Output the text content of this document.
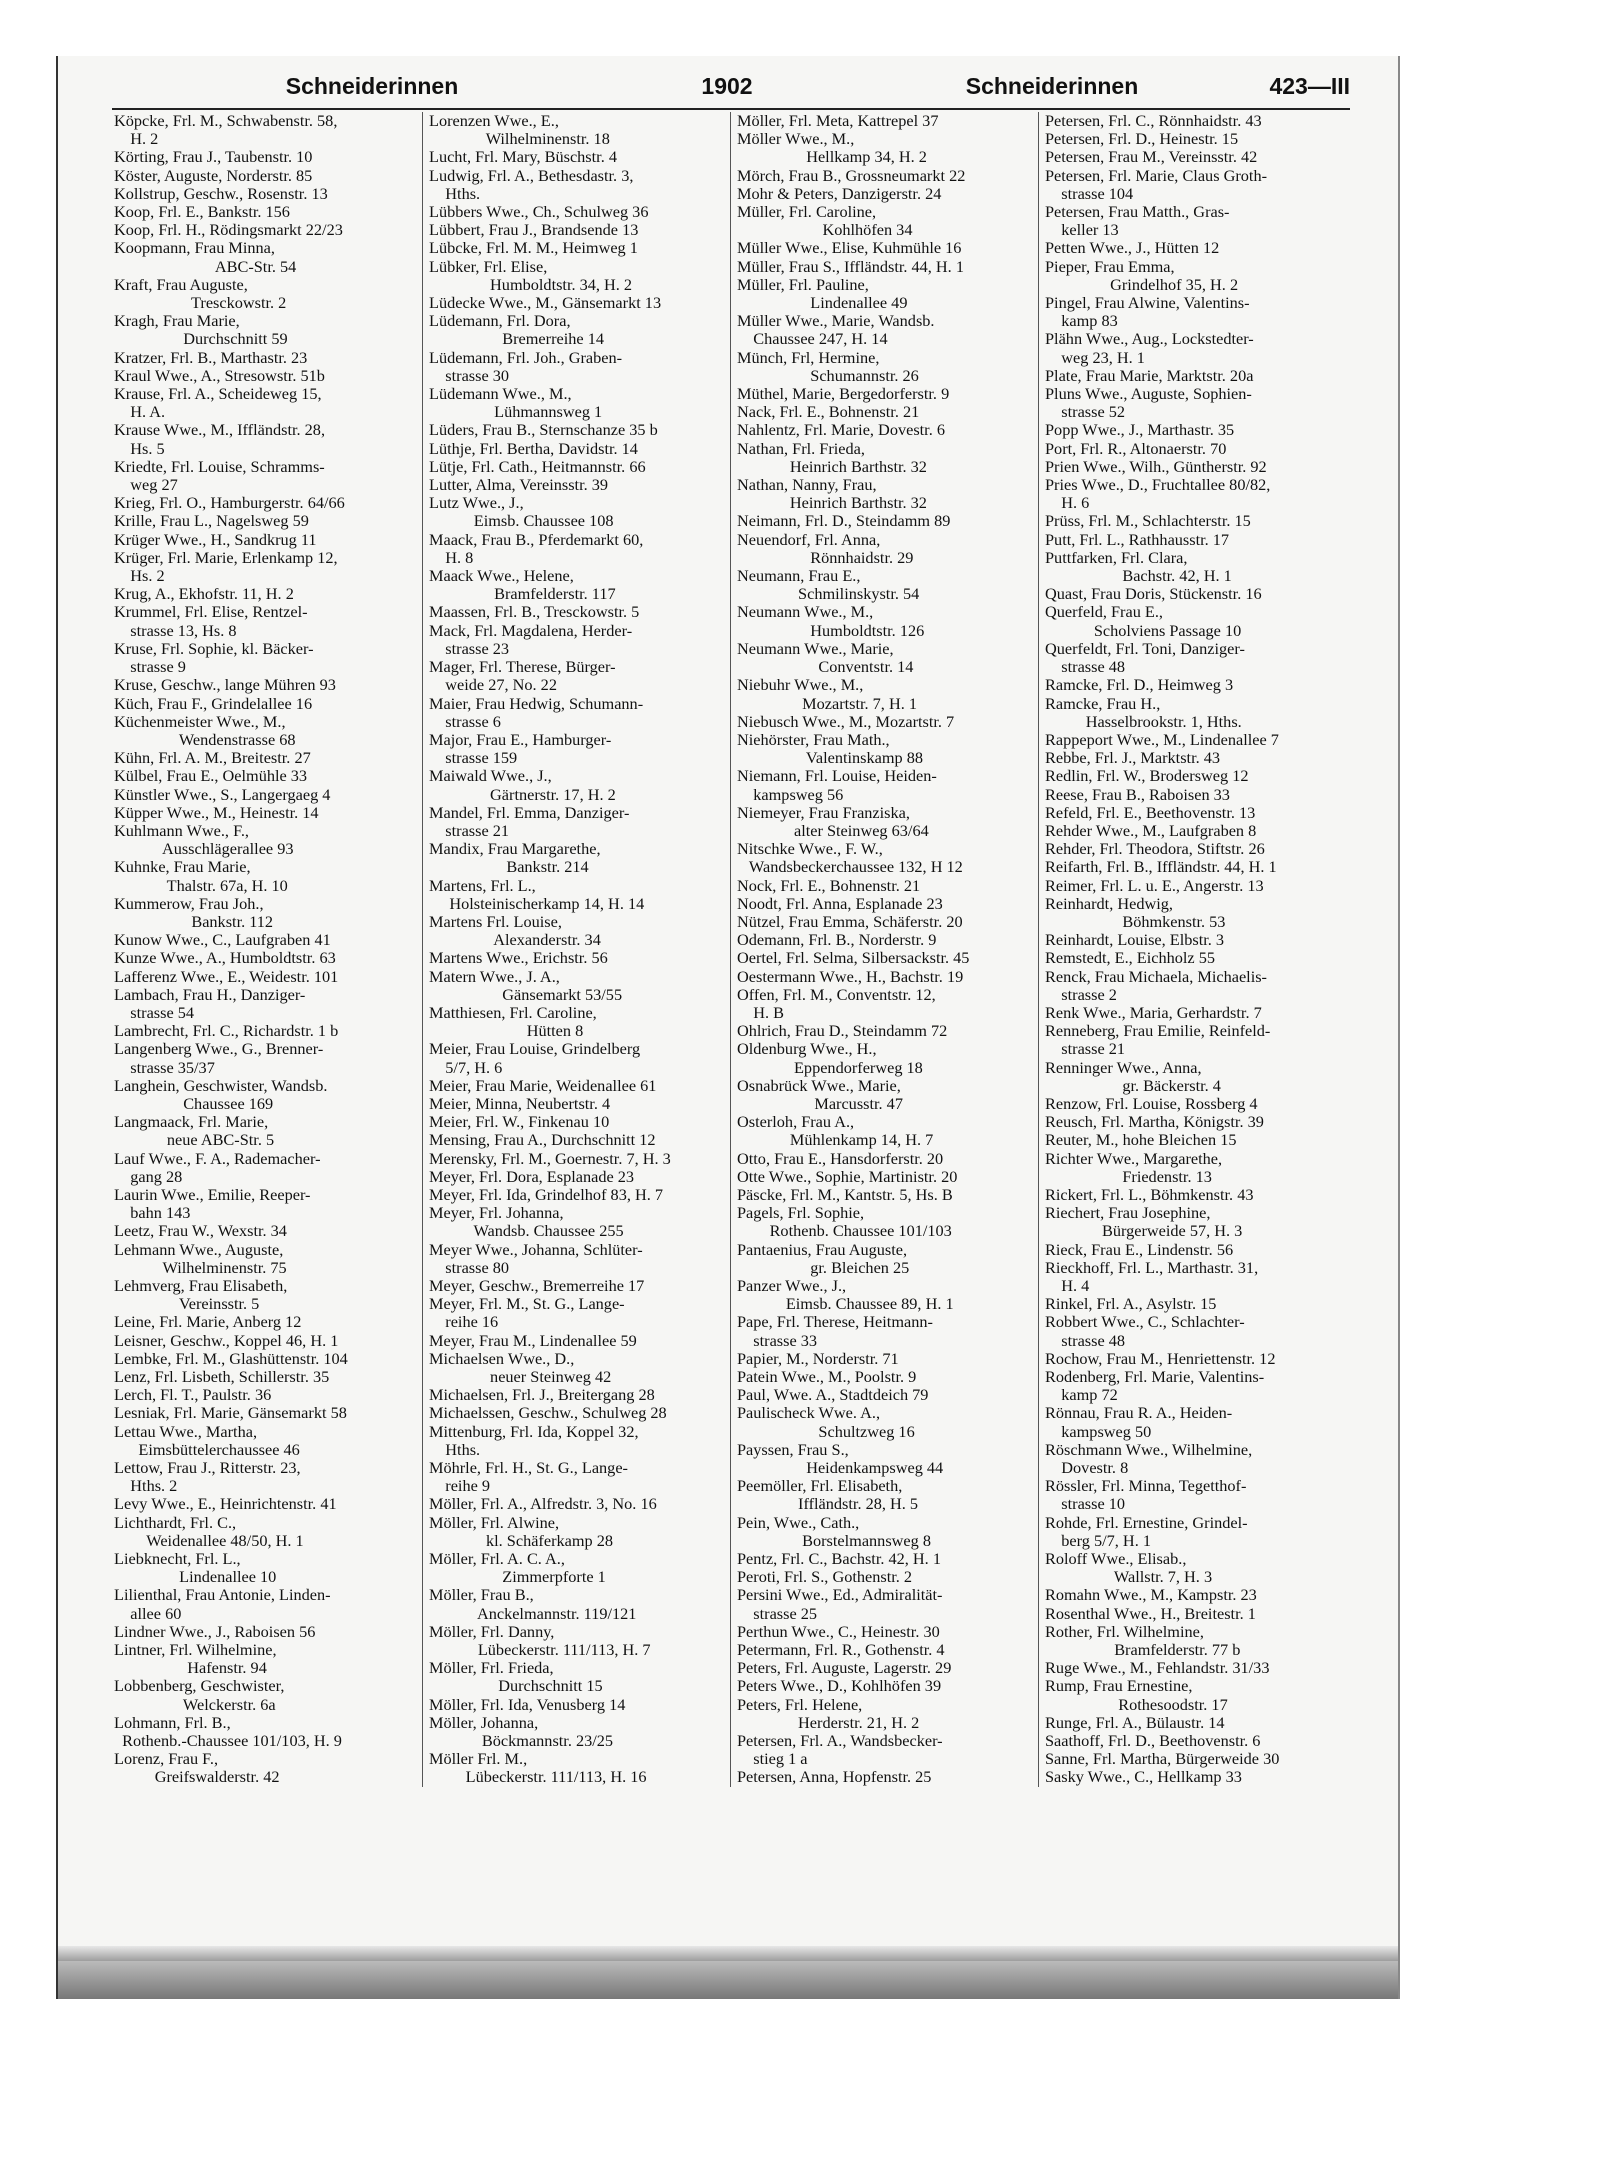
Schneiderinnen	1902	Schneiderinnen	423—III
Köpcke, Frl. M., Schwabenstr. 58,
H. 2
Körting, Frau J., Taubenstr. 10
Köster, Auguste, Norderstr. 85
Kollstrup, Geschw., Rosenstr. 13
Koop, Frl. E., Bankstr. 156
Koop, Frl. H., Rödingsmarkt 22/23
Koopmann, Frau Minna,
ABC-Str. 54
Kraft, Frau Auguste,
Tresckowstr. 2
Kragh, Frau Marie,
Durchschnitt 59
Kratzer, Frl. B., Marthastr. 23
Kraul Wwe., A., Stresowstr. 51b
Krause, Frl. A., Scheideweg 15,
H. A.
Krause Wwe., M., Iffländstr. 28,
Hs. 5
Kriedte, Frl. Louise, Schramms-
weg 27
Krieg, Frl. O., Hamburgerstr. 64/66
Krille, Frau L., Nagelsweg 59
Krüger Wwe., H., Sandkrug 11
Krüger, Frl. Marie, Erlenkamp 12,
Hs. 2
Krug, A., Ekhofstr. 11, H. 2
Krummel, Frl. Elise, Rentzel-
strasse 13, Hs. 8
Kruse, Frl. Sophie, kl. Bäcker-
strasse 9
Kruse, Geschw., lange Mühren 93
Küch, Frau F., Grindelallee 16
Küchenmeister Wwe., M.,
Wendenstrasse 68
Kühn, Frl. A. M., Breitestr. 27
Külbel, Frau E., Oelmühle 33
Künstler Wwe., S., Langergaeg 4
Küpper Wwe., M., Heinestr. 14
Kuhlmann Wwe., F.,
Ausschlägerallee 93
Kuhnke, Frau Marie,
Thalstr. 67a, H. 10
Kummerow, Frau Joh.,
Bankstr. 112
Kunow Wwe., C., Laufgraben 41
Kunze Wwe., A., Humboldtstr. 63
Lafferenz Wwe., E., Weidestr. 101
Lambach, Frau H., Danziger-
strasse 54
Lambrecht, Frl. C., Richardstr. 1 b
Langenberg Wwe., G., Brenner-
strasse 35/37
Langhein, Geschwister, Wandsb.
Chaussee 169
Langmaack, Frl. Marie,
neue ABC-Str. 5
Lauf Wwe., F. A., Rademacher-
gang 28
Laurin Wwe., Emilie, Reeper-
bahn 143
Leetz, Frau W., Wexstr. 34
Lehmann Wwe., Auguste,
Wilhelminenstr. 75
Lehmverg, Frau Elisabeth,
Vereinsstr. 5
Leine, Frl. Marie, Anberg 12
Leisner, Geschw., Koppel 46, H. 1
Lembke, Frl. M., Glashüttenstr. 104
Lenz, Frl. Lisbeth, Schillerstr. 35
Lerch, Fl. T., Paulstr. 36
Lesniak, Frl. Marie, Gänsemarkt 58
Lettau Wwe., Martha,
Eimsbüttelerchaussee 46
Lettow, Frau J., Ritterstr. 23,
Hths. 2
Levy Wwe., E., Heinrichtenstr. 41
Lichthardt, Frl. C.,
Weidenallee 48/50, H. 1
Liebknecht, Frl. L.,
Lindenallee 10
Lilienthal, Frau Antonie, Linden-
allee 60
Lindner Wwe., J., Raboisen 56
Lintner, Frl. Wilhelmine,
Hafenstr. 94
Lobbenberg, Geschwister,
Welckerstr. 6a
Lohmann, Frl. B.,
Rothenb.-Chaussee 101/103, H. 9
Lorenz, Frau F.,
Greifswalderstr. 42
Lorenzen Wwe., E.,
Wilhelminenstr. 18
Lucht, Frl. Mary, Büschstr. 4
Ludwig, Frl. A., Bethesdastr. 3,
Hths.
Lübbers Wwe., Ch., Schulweg 36
Lübbert, Frau J., Brandsende 13
Lübcke, Frl. M. M., Heimweg 1
Lübker, Frl. Elise,
Humboldtstr. 34, H. 2
Lüdecke Wwe., M., Gänsemarkt 13
Lüdemann, Frl. Dora,
Bremerreihe 14
Lüdemann, Frl. Joh., Graben-
strasse 30
Lüdemann Wwe., M.,
Lühmannsweg 1
Lüders, Frau B., Sternschanze 35 b
Lüthje, Frl. Bertha, Davidstr. 14
Lütje, Frl. Cath., Heitmannstr. 66
Lutter, Alma, Vereinsstr. 39
Lutz Wwe., J.,
Eimsb. Chaussee 108
Maack, Frau B., Pferdemarkt 60,
H. 8
Maack Wwe., Helene,
Bramfelderstr. 117
Maassen, Frl. B., Tresckowstr. 5
Mack, Frl. Magdalena, Herder-
strasse 23
Mager, Frl. Therese, Bürger-
weide 27, No. 22
Maier, Frau Hedwig, Schumann-
strasse 6
Major, Frau E., Hamburger-
strasse 159
Maiwald Wwe., J.,
Gärtnerstr. 17, H. 2
Mandel, Frl. Emma, Danziger-
strasse 21
Mandix, Frau Margarethe,
Bankstr. 214
Martens, Frl. L.,
Holsteinischerkamp 14, H. 14
Martens Frl. Louise,
Alexanderstr. 34
Martens Wwe., Erichstr. 56
Matern Wwe., J. A.,
Gänsemarkt 53/55
Matthiesen, Frl. Caroline,
Hütten 8
Meier, Frau Louise, Grindelberg
5/7, H. 6
Meier, Frau Marie, Weidenallee 61
Meier, Minna, Neubertstr. 4
Meier, Frl. W., Finkenau 10
Mensing, Frau A., Durchschnitt 12
Merensky, Frl. M., Goernestr. 7, H. 3
Meyer, Frl. Dora, Esplanade 23
Meyer, Frl. Ida, Grindelhof 83, H. 7
Meyer, Frl. Johanna,
Wandsb. Chaussee 255
Meyer Wwe., Johanna, Schlüter-
strasse 80
Meyer, Geschw., Bremerreihe 17
Meyer, Frl. M., St. G., Lange-
reihe 16
Meyer, Frau M., Lindenallee 59
Michaelsen Wwe., D.,
neuer Steinweg 42
Michaelsen, Frl. J., Breitergang 28
Michaelssen, Geschw., Schulweg 28
Mittenburg, Frl. Ida, Koppel 32,
Hths.
Möhrle, Frl. H., St. G., Lange-
reihe 9
Möller, Frl. A., Alfredstr. 3, No. 16
Möller, Frl. Alwine,
kl. Schäferkamp 28
Möller, Frl. A. C. A.,
Zimmerpforte 1
Möller, Frau B.,
Anckelmannstr. 119/121
Möller, Frl. Danny,
Lübeckerstr. 111/113, H. 7
Möller, Frl. Frieda,
Durchschnitt 15
Möller, Frl. Ida, Venusberg 14
Möller, Johanna,
Böckmannstr. 23/25
Möller Frl. M.,
Lübeckerstr. 111/113, H. 16
Möller, Frl. Meta, Kattrepel 37
Möller Wwe., M.,
Hellkamp 34, H. 2
Mörch, Frau B., Grossneumarkt 22
Mohr & Peters, Danzigerstr. 24
Müller, Frl. Caroline,
Kohlhöfen 34
Müller Wwe., Elise, Kuhmühle 16
Müller, Frau S., Iffländstr. 44, H. 1
Müller, Frl. Pauline,
Lindenallee 49
Müller Wwe., Marie, Wandsb.
Chaussee 247, H. 14
Münch, Frl, Hermine,
Schumannstr. 26
Müthel, Marie, Bergedorferstr. 9
Nack, Frl. E., Bohnenstr. 21
Nahlentz, Frl. Marie, Dovestr. 6
Nathan, Frl. Frieda,
Heinrich Barthstr. 32
Nathan, Nanny, Frau,
Heinrich Barthstr. 32
Neimann, Frl. D., Steindamm 89
Neuendorf, Frl. Anna,
Rönnhaidstr. 29
Neumann, Frau E.,
Schmilinskystr. 54
Neumann Wwe., M.,
Humboldtstr. 126
Neumann Wwe., Marie,
Conventstr. 14
Niebuhr Wwe., M.,
Mozartstr. 7, H. 1
Niebusch Wwe., M., Mozartstr. 7
Niehörster, Frau Math.,
Valentinskamp 88
Niemann, Frl. Louise, Heiden-
kampsweg 56
Niemeyer, Frau Franziska,
alter Steinweg 63/64
Nitschke Wwe., F. W.,
Wandsbeckerchaussee 132, H 12
Nock, Frl. E., Bohnenstr. 21
Noodt, Frl. Anna, Esplanade 23
Nützel, Frau Emma, Schäferstr. 20
Odemann, Frl. B., Norderstr. 9
Oertel, Frl. Selma, Silbersackstr. 45
Oestermann Wwe., H., Bachstr. 19
Offen, Frl. M., Conventstr. 12,
H. B
Ohlrich, Frau D., Steindamm 72
Oldenburg Wwe., H.,
Eppendorferweg 18
Osnabrück Wwe., Marie,
Marcusstr. 47
Osterloh, Frau A.,
Mühlenkamp 14, H. 7
Otto, Frau E., Hansdorferstr. 20
Otte Wwe., Sophie, Martinistr. 20
Päscke, Frl. M., Kantstr. 5, Hs. B
Pagels, Frl. Sophie,
Rothenb. Chaussee 101/103
Pantaenius, Frau Auguste,
gr. Bleichen 25
Panzer Wwe., J.,
Eimsb. Chaussee 89, H. 1
Pape, Frl. Therese, Heitmann-
strasse 33
Papier, M., Norderstr. 71
Patein Wwe., M., Poolstr. 9
Paul, Wwe. A., Stadtdeich 79
Paulischeck Wwe. A.,
Schultzweg 16
Payssen, Frau S.,
Heidenkampsweg 44
Peemöller, Frl. Elisabeth,
Iffländstr. 28, H. 5
Pein, Wwe., Cath.,
Borstelmannsweg 8
Pentz, Frl. C., Bachstr. 42, H. 1
Peroti, Frl. S., Gothenstr. 2
Persini Wwe., Ed., Admiralität-
strasse 25
Perthun Wwe., C., Heinestr. 30
Petermann, Frl. R., Gothenstr. 4
Peters, Frl. Auguste, Lagerstr. 29
Peters Wwe., D., Kohlhöfen 39
Peters, Frl. Helene,
Herderstr. 21, H. 2
Petersen, Frl. A., Wandsbecker-
stieg 1 a
Petersen, Anna, Hopfenstr. 25
Petersen, Frl. C., Rönnhaidstr. 43
Petersen, Frl. D., Heinestr. 15
Petersen, Frau M., Vereinsstr. 42
Petersen, Frl. Marie, Claus Groth-
strasse 104
Petersen, Frau Matth., Gras-
keller 13
Petten Wwe., J., Hütten 12
Pieper, Frau Emma,
Grindelhof 35, H. 2
Pingel, Frau Alwine, Valentins-
kamp 83
Plähn Wwe., Aug., Lockstedter-
weg 23, H. 1
Plate, Frau Marie, Marktstr. 20a
Pluns Wwe., Auguste, Sophien-
strasse 52
Popp Wwe., J., Marthastr. 35
Port, Frl. R., Altonaerstr. 70
Prien Wwe., Wilh., Güntherstr. 92
Pries Wwe., D., Fruchtallee 80/82,
H. 6
Prüss, Frl. M., Schlachterstr. 15
Putt, Frl. L., Rathhausstr. 17
Puttfarken, Frl. Clara,
Bachstr. 42, H. 1
Quast, Frau Doris, Stückenstr. 16
Querfeld, Frau E.,
Scholviens Passage 10
Querfeldt, Frl. Toni, Danziger-
strasse 48
Ramcke, Frl. D., Heimweg 3
Ramcke, Frau H.,
Hasselbrookstr. 1, Hths.
Rappeport Wwe., M., Lindenallee 7
Rebbe, Frl. J., Marktstr. 43
Redlin, Frl. W., Brodersweg 12
Reese, Frau B., Raboisen 33
Refeld, Frl. E., Beethovenstr. 13
Rehder Wwe., M., Laufgraben 8
Rehder, Frl. Theodora, Stiftstr. 26
Reifarth, Frl. B., Iffländstr. 44, H. 1
Reimer, Frl. L. u. E., Angerstr. 13
Reinhardt, Hedwig,
Böhmkenstr. 53
Reinhardt, Louise, Elbstr. 3
Remstedt, E., Eichholz 55
Renck, Frau Michaela, Michaelis-
strasse 2
Renk Wwe., Maria, Gerhardstr. 7
Renneberg, Frau Emilie, Reinfeld-
strasse 21
Renninger Wwe., Anna,
gr. Bäckerstr. 4
Renzow, Frl. Louise, Rossberg 4
Reusch, Frl. Martha, Königstr. 39
Reuter, M., hohe Bleichen 15
Richter Wwe., Margarethe,
Friedenstr. 13
Rickert, Frl. L., Böhmkenstr. 43
Riechert, Frau Josephine,
Bürgerweide 57, H. 3
Rieck, Frau E., Lindenstr. 56
Rieckhoff, Frl. L., Marthastr. 31,
H. 4
Rinkel, Frl. A., Asylstr. 15
Robbert Wwe., C., Schlachter-
strasse 48
Rochow, Frau M., Henriettenstr. 12
Rodenberg, Frl. Marie, Valentins-
kamp 72
Rönnau, Frau R. A., Heiden-
kampsweg 50
Röschmann Wwe., Wilhelmine,
Dovestr. 8
Rössler, Frl. Minna, Tegetthof-
strasse 10
Rohde, Frl. Ernestine, Grindel-
berg 5/7, H. 1
Roloff Wwe., Elisab.,
Wallstr. 7, H. 3
Romahn Wwe., M., Kampstr. 23
Rosenthal Wwe., H., Breitestr. 1
Rother, Frl. Wilhelmine,
Bramfelderstr. 77 b
Ruge Wwe., M., Fehlandstr. 31/33
Rump, Frau Ernestine,
Rothesoodstr. 17
Runge, Frl. A., Bülaustr. 14
Saathoff, Frl. D., Beethovenstr. 6
Sanne, Frl. Martha, Bürgerweide 30
Sasky Wwe., C., Hellkamp 33
